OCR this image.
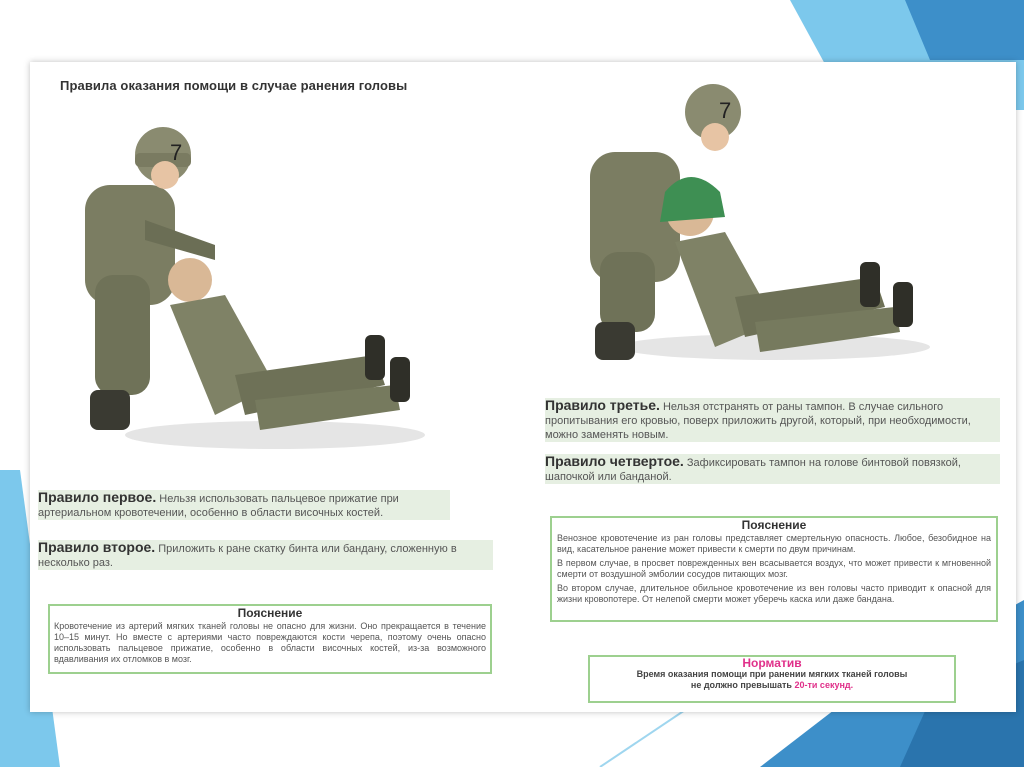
Правила оказания помощи в случае ранения головы
7
7
Правило первое. Нельзя использовать пальцевое прижатие при артериальном кровотечении, особенно в области височных костей.
Правило второе. Приложить к ране скатку бинта или бандану, сложенную в несколько раз.
Правило третье. Нельзя отстранять от раны тампон. В случае сильного пропитывания его кровью, поверх приложить другой, который, при необходимости, можно заменять новым.
Правило четвертое. Зафиксировать тампон на голове бинтовой повязкой, шапочкой или банданой.
Пояснение

Кровотечение из артерий мягких тканей головы не опасно для жизни. Оно прекращается в течение 10–15 минут. Но вместе с артериями часто повреждаются кости черепа, поэтому очень опасно использовать пальцевое прижатие, особенно в области височных костей, из-за возможного вдавливания их отломков в мозг.

Пояснение

Венозное кровотечение из ран головы представляет смертельную опасность. Любое, безобидное на вид, касательное ранение может привести к смерти по двум причинам.

В первом случае, в просвет поврежденных вен всасывается воздух, что может привести к мгновенной смерти от воздушной эмболии сосудов питающих мозг.

Во втором случае, длительное обильное кровотечение из вен головы часто приводит к опасной для жизни кровопотере. От нелепой смерти может уберечь каска или даже бандана.

Норматив
Время оказания помощи при ранении мягких тканей головы
не должно превышать 20-ти секунд.
